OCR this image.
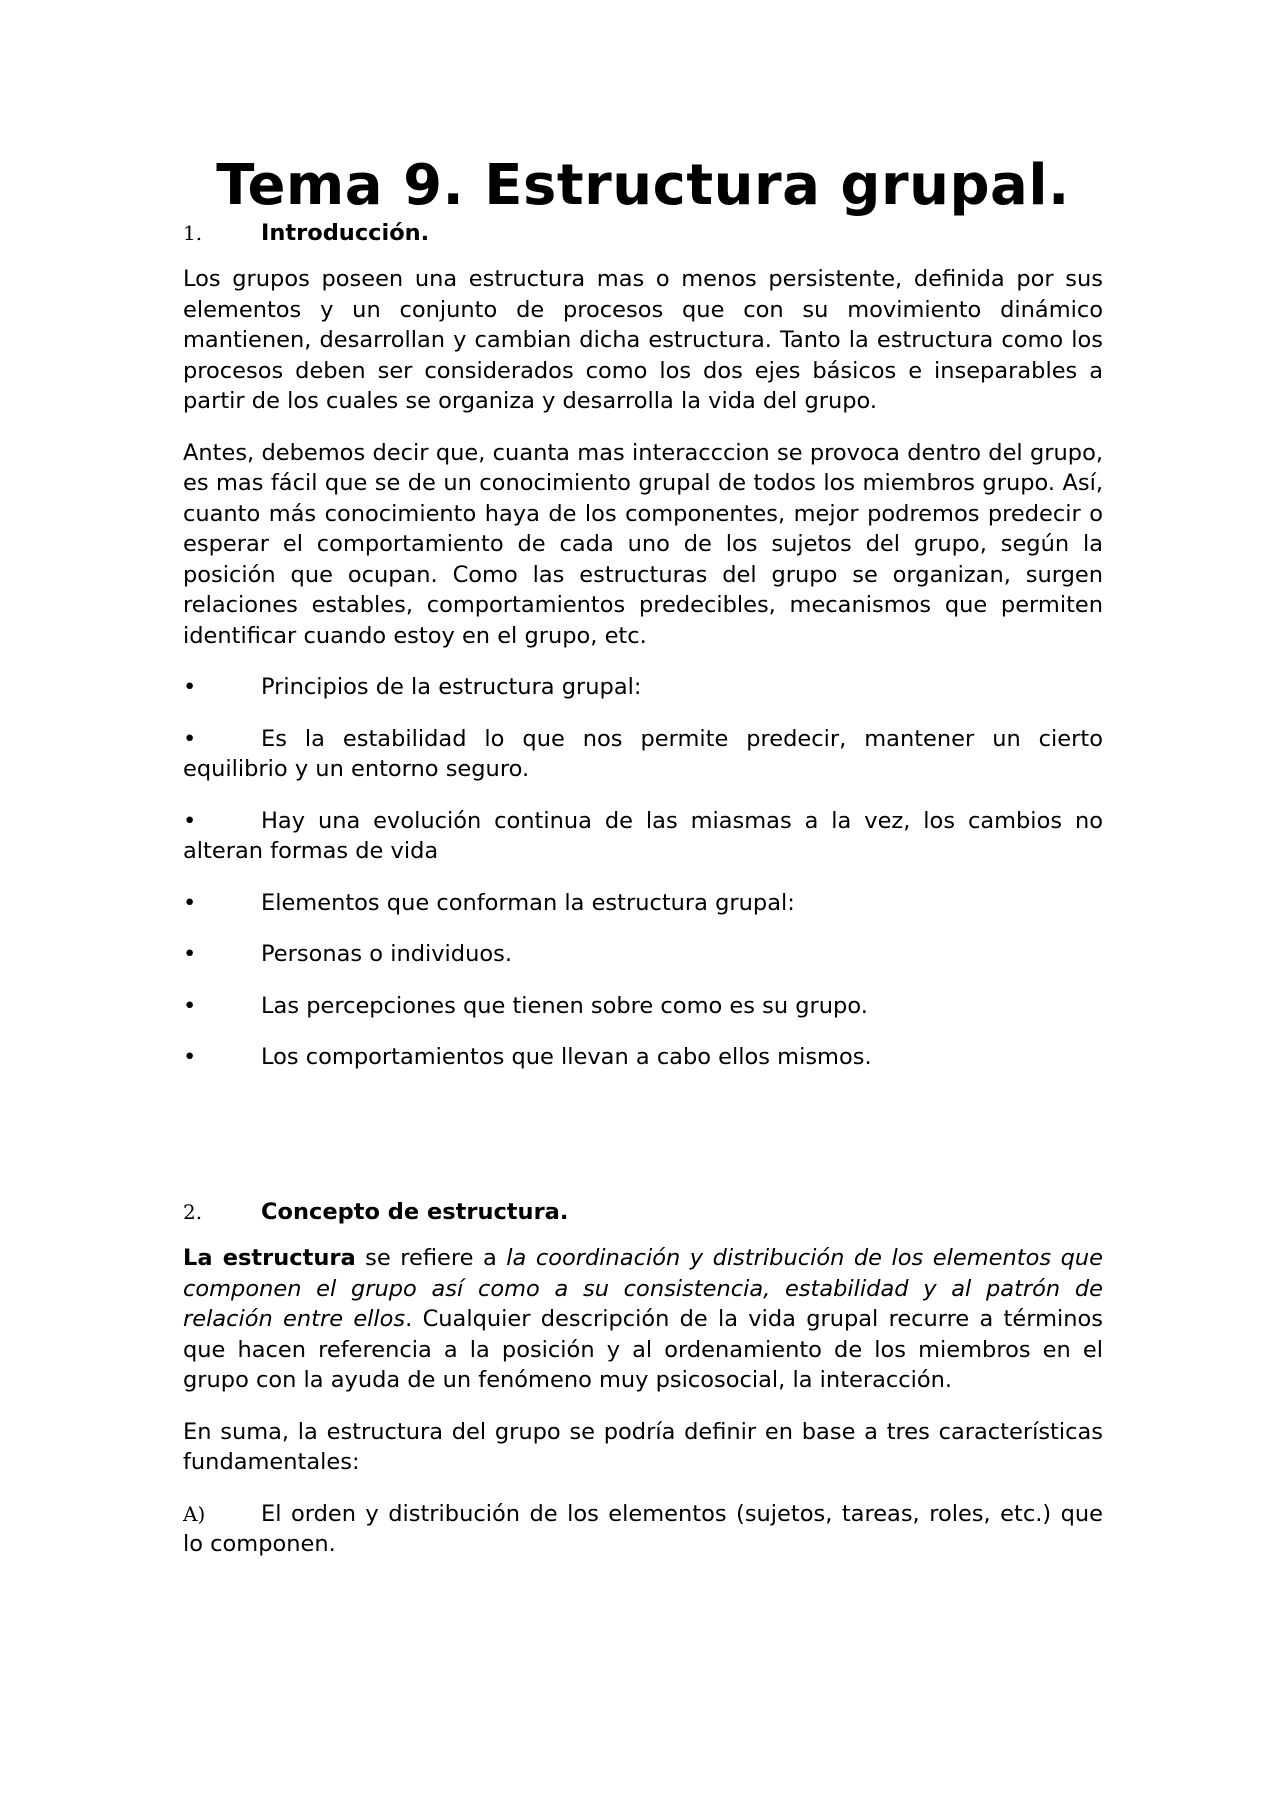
Tema 9. Estructura grupal.

1.	Introducción.

Los grupos poseen una estructura mas o menos persistente, definida por sus elementos y un conjunto de procesos que con su movimiento dinámico mantienen, desarrollan y cambian dicha estructura. Tanto la estructura como los procesos deben ser considerados como los dos ejes básicos e inseparables a partir de los cuales se organiza y desarrolla la vida del grupo.

Antes, debemos decir que, cuanta mas interacccion se provoca dentro del grupo, es mas fácil que se de un conocimiento grupal de todos los miembros grupo. Así, cuanto más conocimiento haya de los componentes, mejor podremos predecir o esperar el comportamiento de cada uno de los sujetos del grupo, según la posición que ocupan. Como las estructuras del grupo se organizan, surgen relaciones estables, comportamientos predecibles, mecanismos que permiten identificar cuando estoy en el grupo, etc.

•	Principios de la estructura grupal:

•	Es la estabilidad lo que nos permite predecir, mantener un cierto equilibrio y un entorno seguro.

•	Hay una evolución continua de las miasmas a la vez, los cambios no alteran formas de vida

•	Elementos que conforman la estructura grupal:

•	Personas o individuos.

•	Las percepciones que tienen sobre como es su grupo.

•	Los comportamientos que llevan a cabo ellos mismos.

2.	Concepto de estructura.

La estructura se refiere a la coordinación y distribución de los elementos que componen el grupo así como a su consistencia, estabilidad y al patrón de relación entre ellos. Cualquier descripción de la vida grupal recurre a términos que hacen referencia a la posición y al ordenamiento de los miembros en el grupo con la ayuda de un fenómeno muy psicosocial, la interacción.

En suma, la estructura del grupo se podría definir en base a tres características fundamentales:

A) El orden y distribución de los elementos (sujetos, tareas, roles, etc.) que lo componen.
